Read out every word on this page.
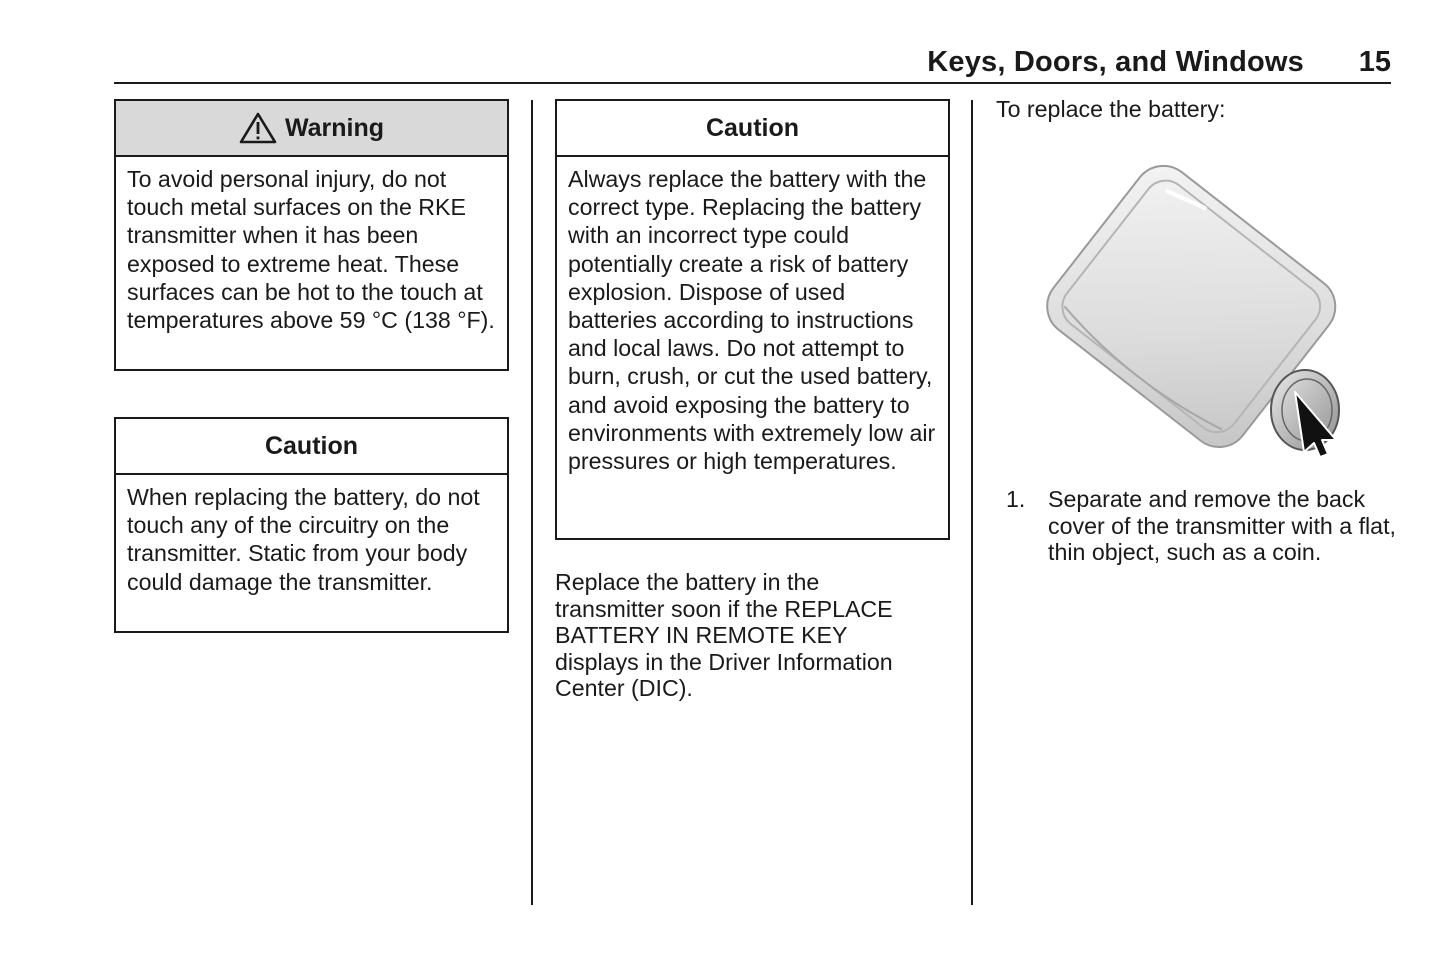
Keys, Doors, and Windows 15
Warning
To avoid personal injury, do not touch metal surfaces on the RKE transmitter when it has been exposed to extreme heat. These surfaces can be hot to the touch at temperatures above 59 °C (138 °F).
Caution
When replacing the battery, do not touch any of the circuitry on the transmitter. Static from your body could damage the transmitter.
Caution
Always replace the battery with the correct type. Replacing the battery with an incorrect type could potentially create a risk of battery explosion. Dispose of used batteries according to instructions and local laws. Do not attempt to burn, crush, or cut the used battery, and avoid exposing the battery to environments with extremely low air pressures or high temperatures.
Replace the battery in the transmitter soon if the REPLACE BATTERY IN REMOTE KEY displays in the Driver Information Center (DIC).
To replace the battery:
1. Separate and remove the back cover of the transmitter with a flat, thin object, such as a coin.
